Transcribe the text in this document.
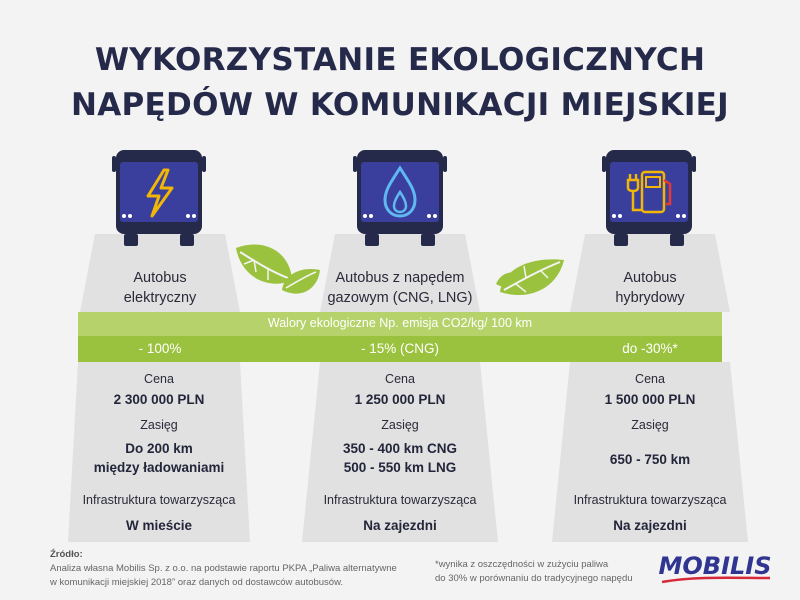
WYKORZYSTANIE EKOLOGICZNYCH
NAPĘDÓW W KOMUNIKACJI MIEJSKIEJ
Walory ekologiczne Np. emisja CO2/kg/ 100 km
Autobus
elektryczny
- 100%
Cena
2 300 000 PLN
Zasięg
Do 200 km
między ładowaniami
Infrastruktura towarzysząca
W mieście
Autobus z napędem
gazowym (CNG, LNG)
- 15% (CNG)
Cena
1 250 000 PLN
Zasięg
350 - 400 km CNG
500 - 550 km LNG
Infrastruktura towarzysząca
Na zajezdni
Autobus
hybrydowy
do -30%*
Cena
1 500 000 PLN
Zasięg
650 - 750 km
Infrastruktura towarzysząca
Na zajezdni
Źródło:
Analiza własna Mobilis Sp. z o.o. na podstawie raportu PKPA „Paliwa alternatywne
w komunikacji miejskiej 2018” oraz danych od dostawców autobusów.
*wynika z oszczędności w zużyciu paliwa
do 30% w porównaniu do tradycyjnego napędu	MOBILIS
